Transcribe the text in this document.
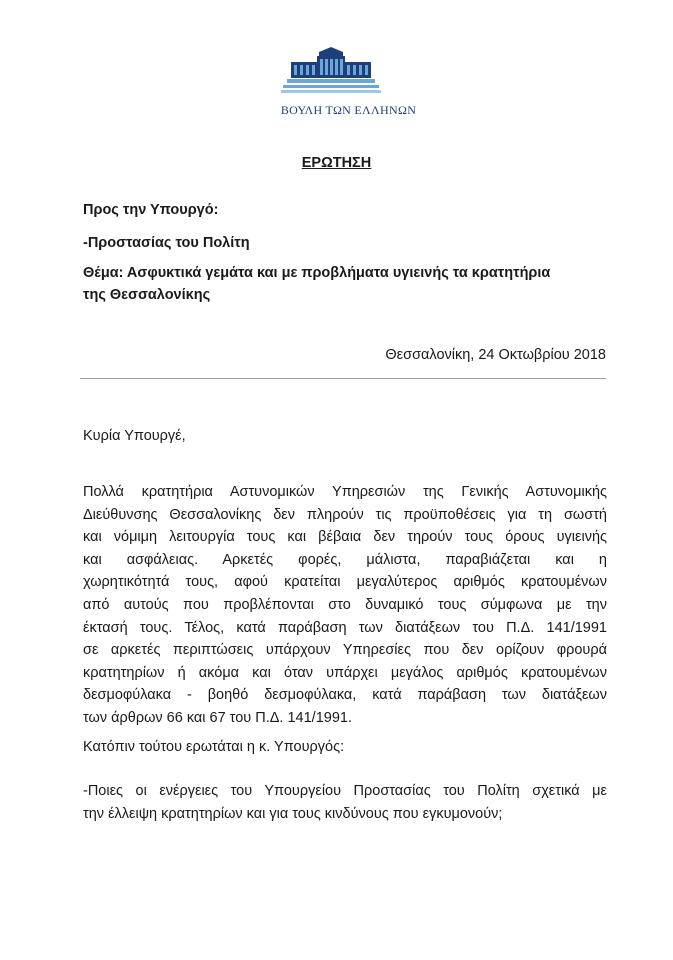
ΒΟΥΛΗ ΤΩΝ ΕΛΛΗΝΩΝ
ΕΡΩΤΗΣΗ
Προς την Υπουργό:
-Προστασίας του Πολίτη
Θέμα: Ασφυκτικά γεμάτα και με προβλήματα υγιεινής τα κρατητήρια
της Θεσσαλονίκης
Θεσσαλονίκη, 24 Οκτωβρίου 2018
Κυρία Υπουργέ,
Πολλά κρατητήρια Αστυνομικών Υπηρεσιών της Γενικής Αστυνομικής
Διεύθυνσης Θεσσαλονίκης δεν πληρούν τις προϋποθέσεις για τη σωστή
και νόμιμη λειτουργία τους και βέβαια δεν τηρούν τους όρους υγιεινής
και ασφάλειας. Αρκετές φορές, μάλιστα, παραβιάζεται και η
χωρητικότητά τους, αφού κρατείται μεγαλύτερος αριθμός κρατουμένων
από αυτούς που προβλέπονται στο δυναμικό τους σύμφωνα με την
έκτασή τους. Τέλος, κατά παράβαση των διατάξεων του Π.Δ. 141/1991
σε αρκετές περιπτώσεις υπάρχουν Υπηρεσίες που δεν ορίζουν φρουρά
κρατητηρίων ή ακόμα και όταν υπάρχει μεγάλος αριθμός κρατουμένων
δεσμοφύλακα - βοηθό δεσμοφύλακα, κατά παράβαση των διατάξεων
των άρθρων 66 και 67 του Π.Δ. 141/1991.
Κατόπιν τούτου ερωτάται η κ. Υπουργός:
-Ποιες οι ενέργειες του Υπουργείου Προστασίας του Πολίτη σχετικά με
την έλλειψη κρατητηρίων και για τους κινδύνους που εγκυμονούν;
